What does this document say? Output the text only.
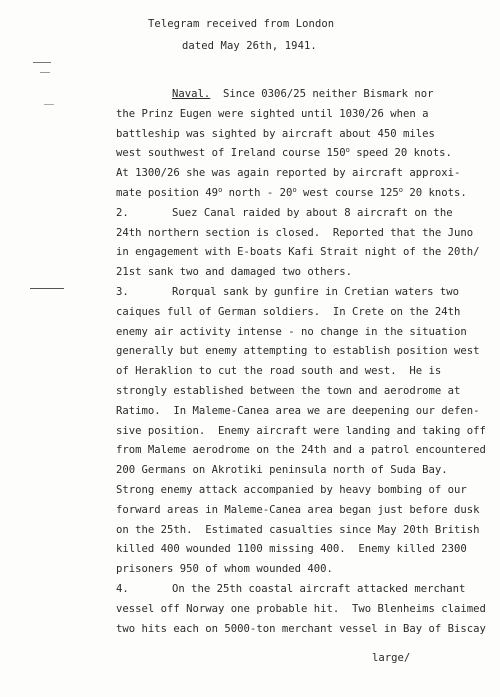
Telegram received from London
dated May 26th, 1941.
Naval.  Since 0306/25 neither Bismark nor
the Prinz Eugen were sighted until 1030/26 when a
battleship was sighted by aircraft about 450 miles
west southwest of Ireland course 150$^o$ speed 20 knots.
At 1300/26 she was again reported by aircraft approxi-
mate position 49$^o$ north - 20$^o$ west course 125$^o$ 20 knots.
2.	Suez Canal raided by about 8 aircraft on the
24th northern section is closed.  Reported that the Juno
in engagement with E-boats Kafi Strait night of the 20th/
21st sank two and damaged two others.
3.	Rorqual sank by gunfire in Cretian waters two
caiques full of German soldiers.  In Crete on the 24th
enemy air activity intense - no change in the situation
generally but enemy attempting to establish position west
of Heraklion to cut the road south and west.  He is
strongly established between the town and aerodrome at
Ratimo.  In Maleme-Canea area we are deepening our defen-
sive position.  Enemy aircraft were landing and taking off
from Maleme aerodrome on the 24th and a patrol encountered
200 Germans on Akrotiki peninsula north of Suda Bay.
Strong enemy attack accompanied by heavy bombing of our
forward areas in Maleme-Canea area began just before dusk
on the 25th.  Estimated casualties since May 20th British
killed 400 wounded 1100 missing 400.  Enemy killed 2300
prisoners 950 of whom wounded 400.
4.	On the 25th coastal aircraft attacked merchant
vessel off Norway one probable hit.  Two Blenheims claimed
two hits each on 5000-ton merchant vessel in Bay of Biscay
large/
